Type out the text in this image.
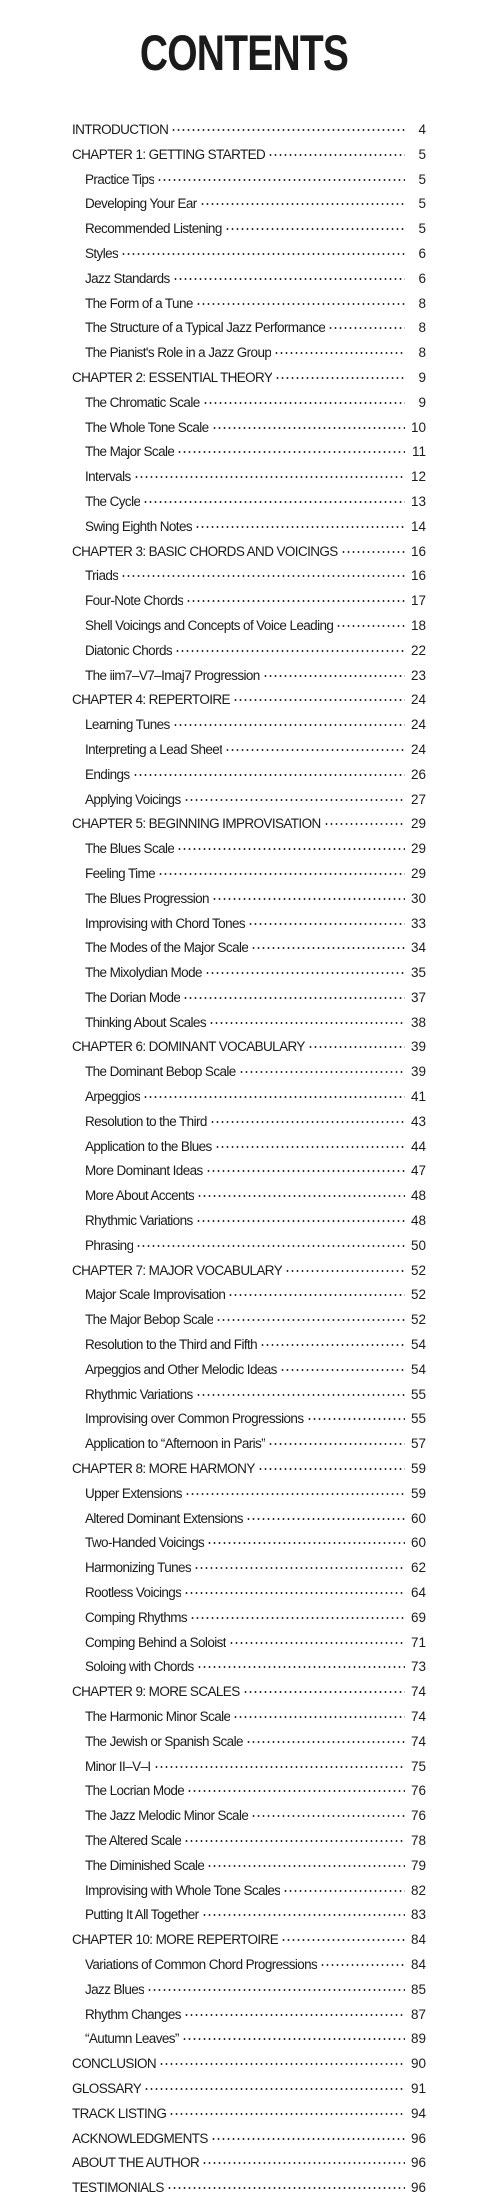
CONTENTS
INTRODUCTION	4
CHAPTER 1: GETTING STARTED	5
Practice Tips	5
Developing Your Ear	5
Recommended Listening	5
Styles	6
Jazz Standards	6
The Form of a Tune	8
The Structure of a Typical Jazz Performance	8
The Pianist's Role in a Jazz Group	8
CHAPTER 2: ESSENTIAL THEORY	9
The Chromatic Scale	9
The Whole Tone Scale	10
The Major Scale	11
Intervals	12
The Cycle	13
Swing Eighth Notes	14
CHAPTER 3: BASIC CHORDS AND VOICINGS	16
Triads	16
Four-Note Chords	17
Shell Voicings and Concepts of Voice Leading	18
Diatonic Chords	22
The iim7–V7–Imaj7 Progression	23
CHAPTER 4: REPERTOIRE	24
Learning Tunes	24
Interpreting a Lead Sheet	24
Endings	26
Applying Voicings	27
CHAPTER 5: BEGINNING IMPROVISATION	29
The Blues Scale	29
Feeling Time	29
The Blues Progression	30
Improvising with Chord Tones	33
The Modes of the Major Scale	34
The Mixolydian Mode	35
The Dorian Mode	37
Thinking About Scales	38
CHAPTER 6: DOMINANT VOCABULARY	39
The Dominant Bebop Scale	39
Arpeggios	41
Resolution to the Third	43
Application to the Blues	44
More Dominant Ideas	47
More About Accents	48
Rhythmic Variations	48
Phrasing	50
CHAPTER 7: MAJOR VOCABULARY	52
Major Scale Improvisation	52
The Major Bebop Scale	52
Resolution to the Third and Fifth	54
Arpeggios and Other Melodic Ideas	54
Rhythmic Variations	55
Improvising over Common Progressions	55
Application to “Afternoon in Paris”	57
CHAPTER 8: MORE HARMONY	59
Upper Extensions	59
Altered Dominant Extensions	60
Two-Handed Voicings	60
Harmonizing Tunes	62
Rootless Voicings	64
Comping Rhythms	69
Comping Behind a Soloist	71
Soloing with Chords	73
CHAPTER 9: MORE SCALES	74
The Harmonic Minor Scale	74
The Jewish or Spanish Scale	74
Minor II–V–I	75
The Locrian Mode	76
The Jazz Melodic Minor Scale	76
The Altered Scale	78
The Diminished Scale	79
Improvising with Whole Tone Scales	82
Putting It All Together	83
CHAPTER 10: MORE REPERTOIRE	84
Variations of Common Chord Progressions	84
Jazz Blues	85
Rhythm Changes	87
“Autumn Leaves”	89
CONCLUSION	90
GLOSSARY	91
TRACK LISTING	94
ACKNOWLEDGMENTS	96
ABOUT THE AUTHOR	96
TESTIMONIALS	96
